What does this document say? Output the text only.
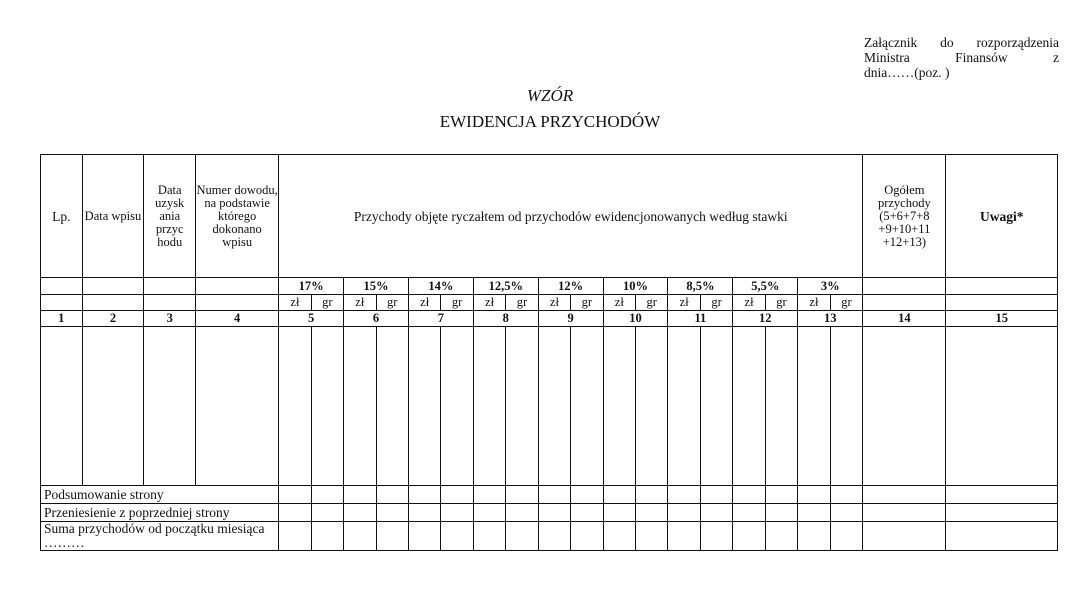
Załącznik do rozporządzenia
Ministra Finansów z
dnia……(poz. )
WZÓR
EWIDENCJA PRZYCHODÓW
Lp.	Data wpisu	Data uzysk ania przyc hodu	Numer dowodu, na podstawie którego dokonano wpisu	Przychody objęte ryczałtem od przychodów ewidencjonowanych według stawki																		Ogółem przychody (5+6+7+8 +9+10+11 +12+13)	Uwagi*
				17%		15%		14%		12,5%		12%		10%		8,5%		5,5%		3%			
				zł	gr	zł	gr	zł	gr	zł	gr	zł	gr	zł	gr	zł	gr	zł	gr	zł	gr		
1	2	3	4	5		6		7		8		9		10		11		12		13		14	15

Podsumowanie strony																							
Przeniesienie z poprzedniej strony																							
Suma przychodów od początku miesiąca ………																							
